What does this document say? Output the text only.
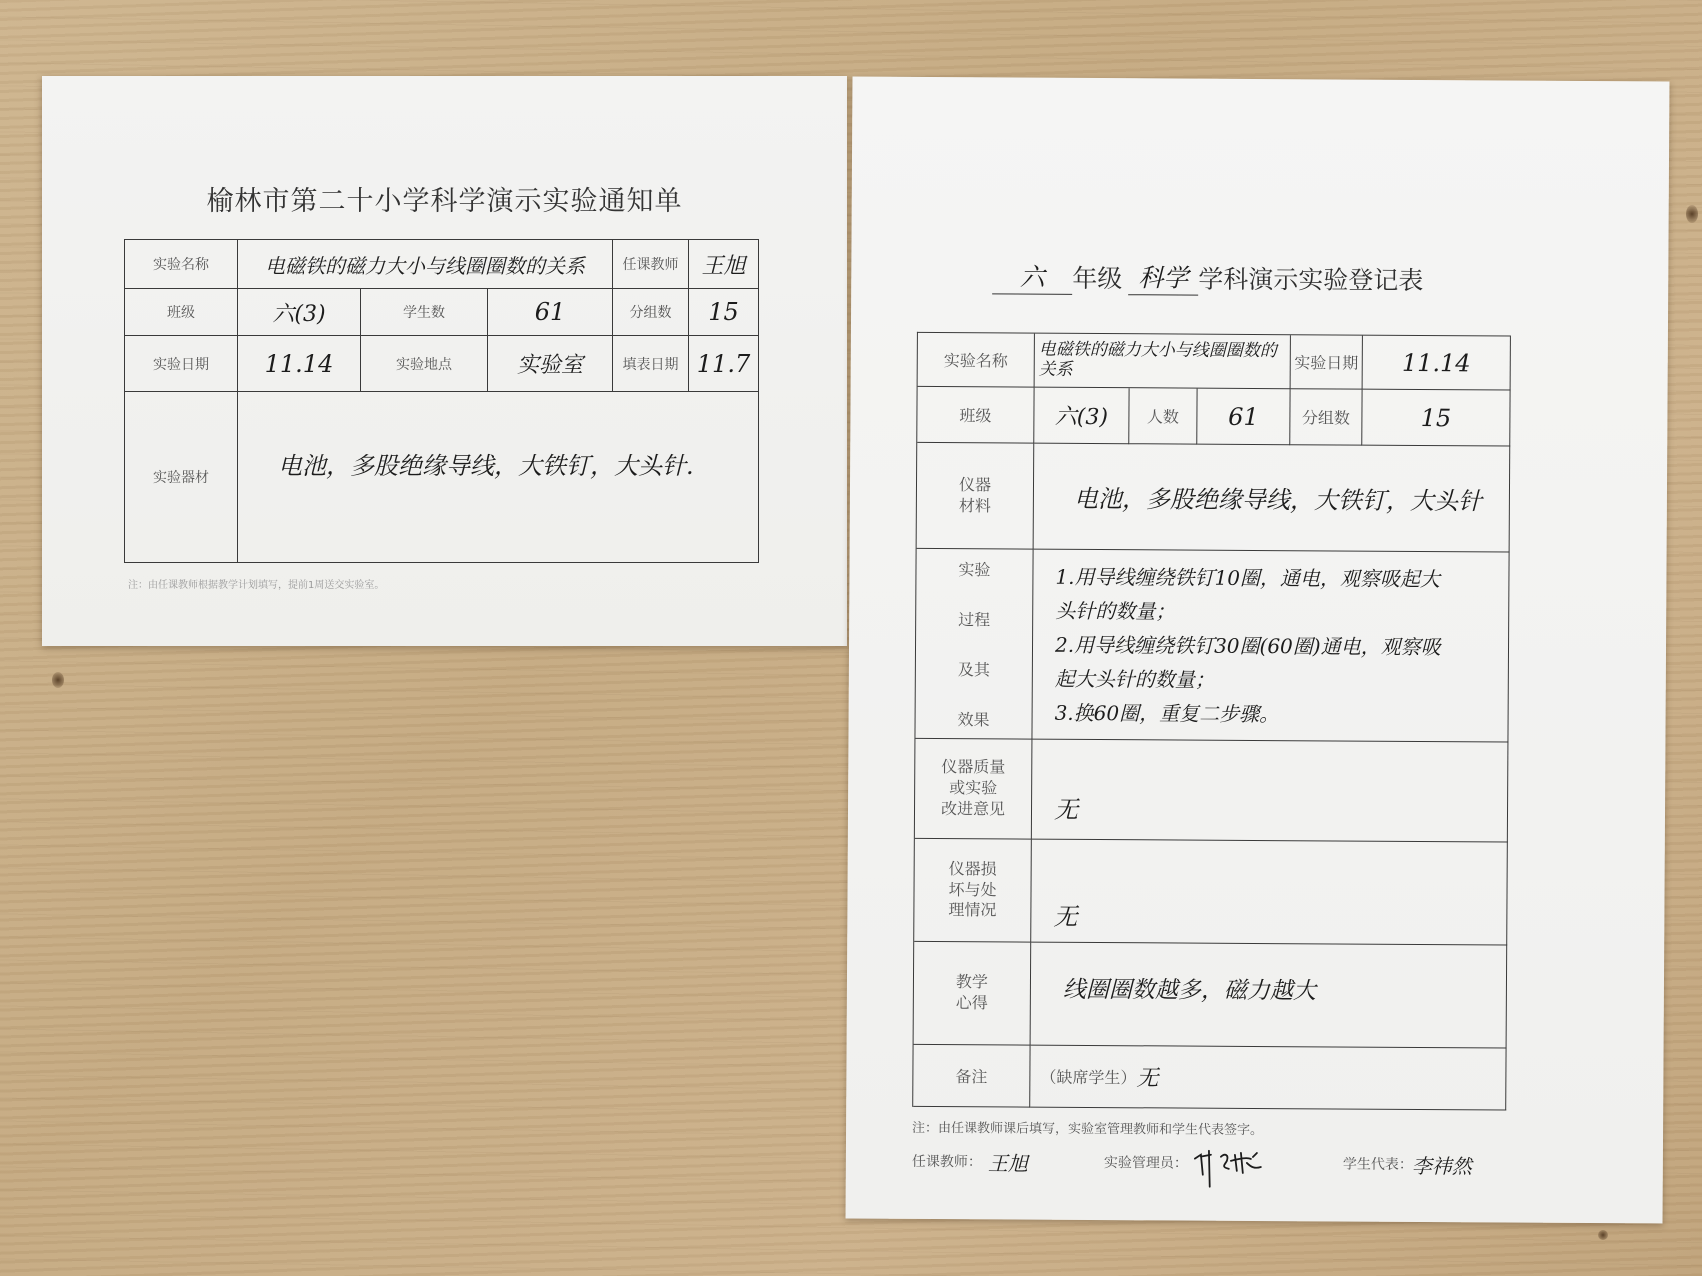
榆林市第二十小学科学演示实验通知单
实验名称	电磁铁的磁力大小与线圈圈数的关系	任课教师	王旭
班级	六(3)	学生数	61	分组数	15
实验日期	11.14	实验地点	实验室	填表日期 11.7
实验器材	电池，多股绝缘导线，大铁钉，大头针.
注：由任课教师根据教学计划填写，提前1周送交实验室。
六	年级 科学 学科演示实验登记表
实验名称	电磁铁的磁力大小与线圈圈数的关系	实验日期	11.14
班级	六(3)	人数	61	分组数	15
仪器
材料	电池，多股绝缘导线，大铁钉，大头针
实验
过程
及其
效果
1.用导线缠绕铁钉10圈，通电，观察吸起大
头针的数量；
2.用导线缠绕铁钉30圈(60圈)通电，观察吸
起大头针的数量；
3.换60圈，重复二步骤。
仪器质量
或实验
改进意见	无
仪器损
坏与处
理情况	无
教学
心得	线圈圈数越多，磁力越大
备注	（缺席学生） 无
注：由任课教师课后填写，实验室管理教师和学生代表签字。
任课教师： 王旭	实验管理员：	学生代表：
李祎然
